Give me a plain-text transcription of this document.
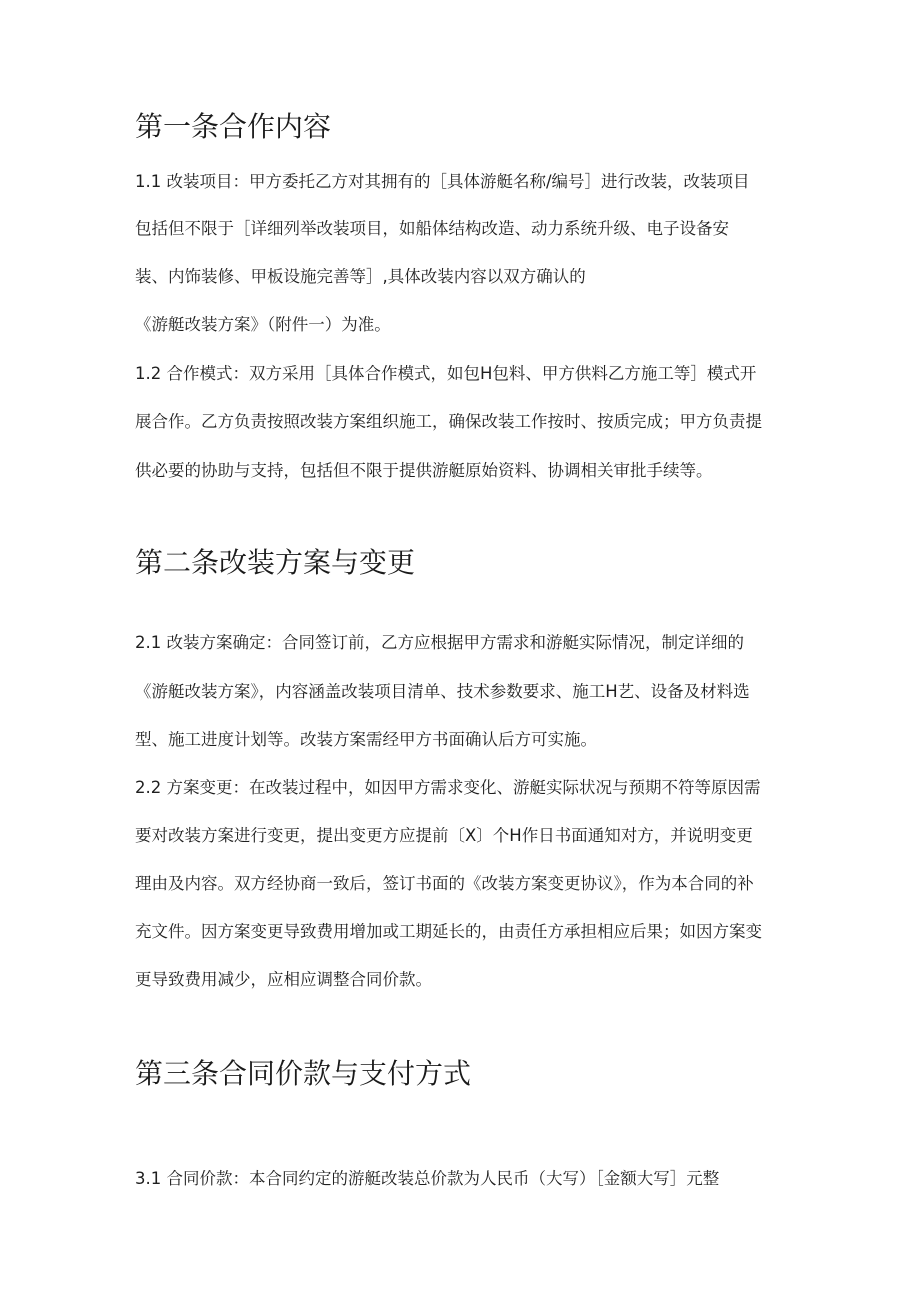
第一条合作内容
1.1 改装项目：甲方委托乙方对其拥有的［具体游艇名称/编号］进行改装，改装项目
包括但不限于［详细列举改装项目，如船体结构改造、动力系统升级、电子设备安
装、内饰装修、甲板设施完善等］,具体改装内容以双方确认的
《游艇改装方案》（附件一）为准。
1.2 合作模式：双方采用［具体合作模式，如包H包料、甲方供料乙方施工等］模式开
展合作。乙方负责按照改装方案组织施工，确保改装工作按时、按质完成；甲方负责提
供必要的协助与支持，包括但不限于提供游艇原始资料、协调相关审批手续等。
第二条改装方案与变更
2.1 改装方案确定：合同签订前，乙方应根据甲方需求和游艇实际情况，制定详细的
《游艇改装方案》，内容涵盖改装项目清单、技术参数要求、施工H艺、设备及材料选
型、施工进度计划等。改装方案需经甲方书面确认后方可实施。
2.2 方案变更：在改装过程中，如因甲方需求变化、游艇实际状况与预期不符等原因需
要对改装方案进行变更，提出变更方应提前〔X〕个H作日书面通知对方，并说明变更
理由及内容。双方经协商一致后，签订书面的《改装方案变更协议》，作为本合同的补
充文件。因方案变更导致费用增加或工期延长的，由责任方承担相应后果；如因方案变
更导致费用减少，应相应调整合同价款。
第三条合同价款与支付方式
3.1 合同价款：本合同约定的游艇改装总价款为人民币（大写）［金额大写］元整
